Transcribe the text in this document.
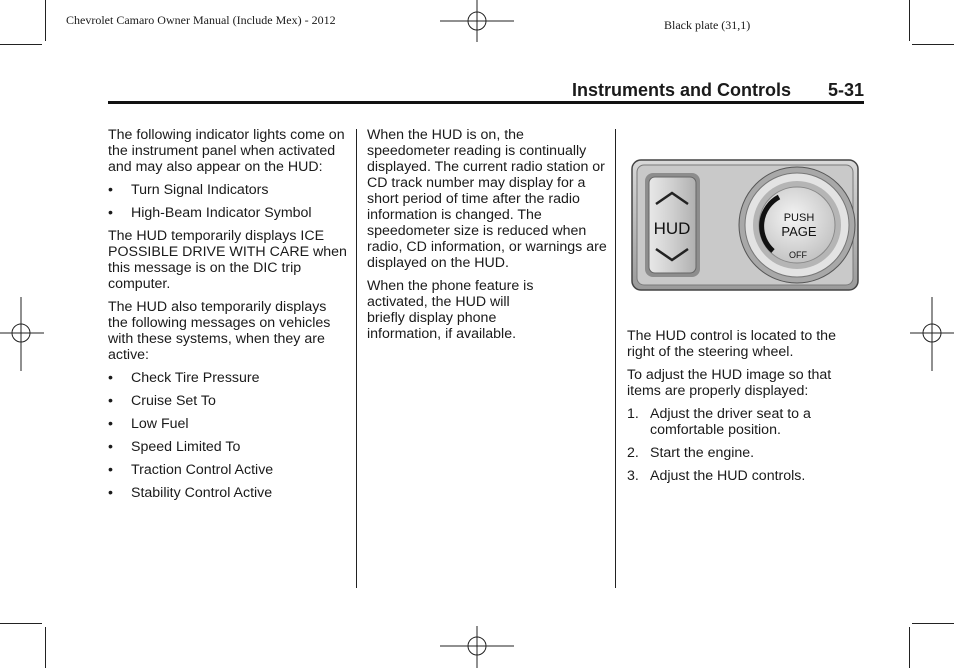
Chevrolet Camaro Owner Manual (Include Mex) - 2012	Black plate (31,1)
Instruments and Controls 5-31

The following indicator lights come on the instrument panel when activated and may also appear on the HUD:

• Turn Signal Indicators
• High-Beam Indicator Symbol

The HUD temporarily displays ICE POSSIBLE DRIVE WITH CARE when this message is on the DIC trip computer.

The HUD also temporarily displays the following messages on vehicles with these systems, when they are active:

• Check Tire Pressure
• Cruise Set To
• Low Fuel
• Speed Limited To
• Traction Control Active
• Stability Control Active

When the HUD is on, the speedometer reading is continually displayed. The current radio station or CD track number may display for a short period of time after the radio information is changed. The speedometer size is reduced when radio, CD information, or warnings are displayed on the HUD.

When the phone feature is activated, the HUD will briefly display phone information, if available.

HUD
PUSH
PAGE
OFF

The HUD control is located to the right of the steering wheel.

To adjust the HUD image so that items are properly displayed:

1. Adjust the driver seat to a comfortable position.
2. Start the engine.
3. Adjust the HUD controls.
